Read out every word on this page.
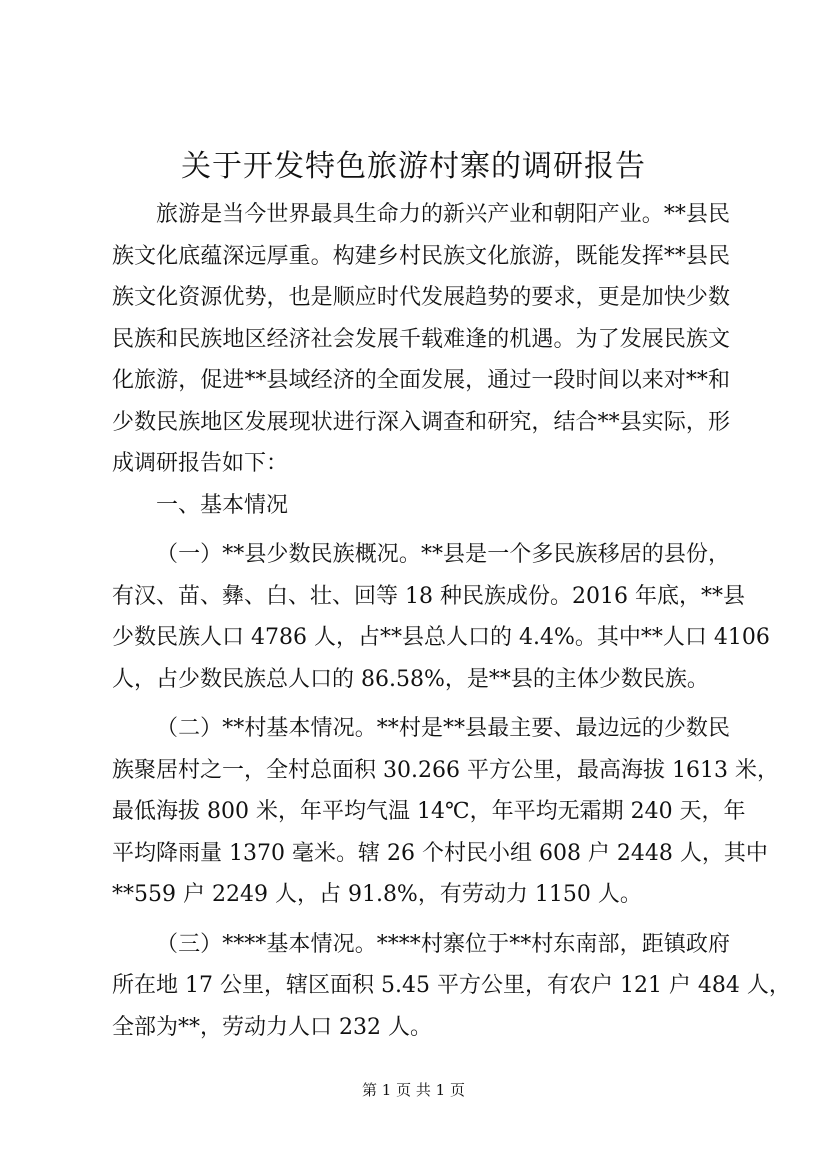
关于开发特色旅游村寨的调研报告
旅游是当今世界最具生命力的新兴产业和朝阳产业。**县民
族文化底蕴深远厚重。构建乡村民族文化旅游，既能发挥**县民
族文化资源优势，也是顺应时代发展趋势的要求，更是加快少数
民族和民族地区经济社会发展千载难逢的机遇。为了发展民族文
化旅游，促进**县域经济的全面发展，通过一段时间以来对**和
少数民族地区发展现状进行深入调查和研究，结合**县实际，形
成调研报告如下：
一、基本情况
（一）**县少数民族概况。**县是一个多民族移居的县份，
有汉、苗、彝、白、壮、回等 18 种民族成份。2016 年底，**县
少数民族人口 4786 人，占**县总人口的 4.4%。其中**人口 4106
人，占少数民族总人口的 86.58%，是**县的主体少数民族。
（二）**村基本情况。**村是**县最主要、最边远的少数民
族聚居村之一，全村总面积 30.266 平方公里，最高海拔 1613 米，
最低海拔 800 米，年平均气温 14℃，年平均无霜期 240 天，年
平均降雨量 1370 毫米。辖 26 个村民小组 608 户 2448 人，其中
**559 户 2249 人，占 91.8%，有劳动力 1150 人。
（三）****基本情况。****村寨位于**村东南部，距镇政府
所在地 17 公里，辖区面积 5.45 平方公里，有农户 121 户 484 人，
全部为**，劳动力人口 232 人。
第 1 页 共 1 页
